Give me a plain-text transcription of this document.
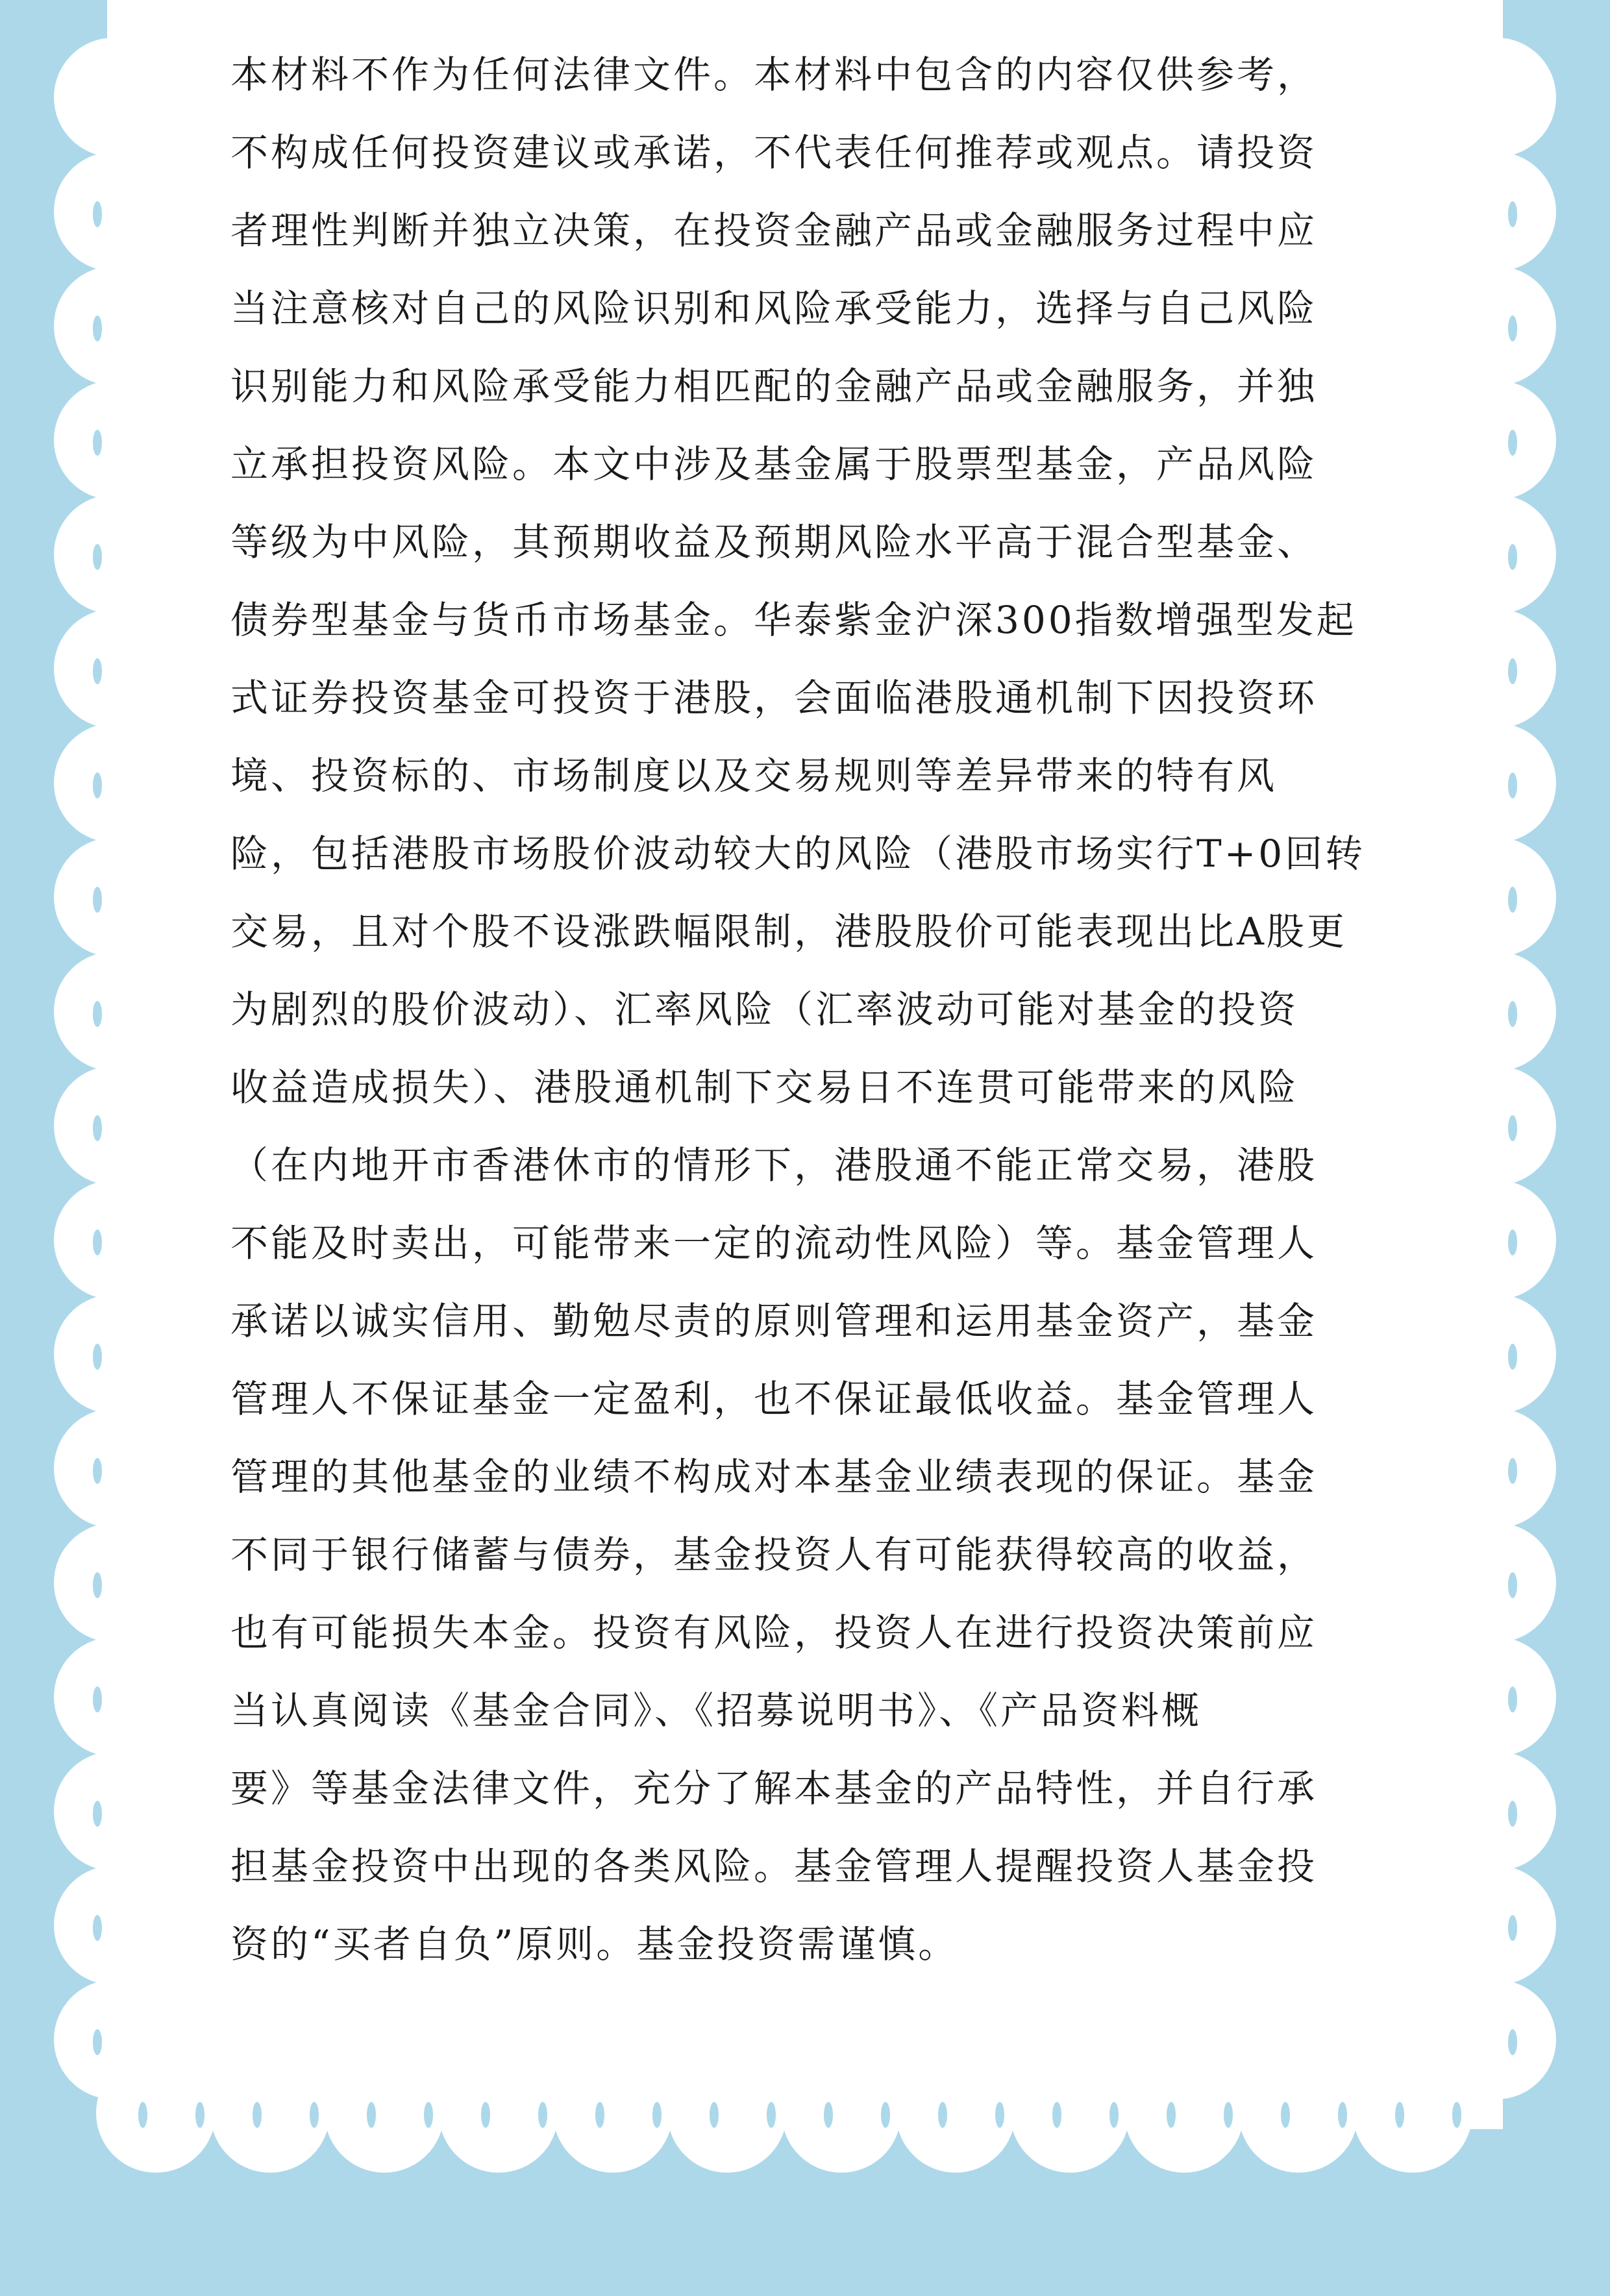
本材料不作为任何法律文件。本材料中包含的内容仅供参考，
不构成任何投资建议或承诺，不代表任何推荐或观点。请投资
者理性判断并独立决策，在投资金融产品或金融服务过程中应
当注意核对自己的风险识别和风险承受能力，选择与自己风险
识别能力和风险承受能力相匹配的金融产品或金融服务，并独
立承担投资风险。本文中涉及基金属于股票型基金，产品风险
等级为中风险，其预期收益及预期风险水平高于混合型基金、
债券型基金与货币市场基金。华泰紫金沪深300指数增强型发起
式证券投资基金可投资于港股，会面临港股通机制下因投资环
境、投资标的、市场制度以及交易规则等差异带来的特有风
险，包括港股市场股价波动较大的风险（港股市场实行T+0回转
交易，且对个股不设涨跌幅限制，港股股价可能表现出比A股更
为剧烈的股价波动）、汇率风险（汇率波动可能对基金的投资
收益造成损失）、港股通机制下交易日不连贯可能带来的风险
（在内地开市香港休市的情形下，港股通不能正常交易，港股
不能及时卖出，可能带来一定的流动性风险）等。基金管理人
承诺以诚实信用、勤勉尽责的原则管理和运用基金资产，基金
管理人不保证基金一定盈利，也不保证最低收益。基金管理人
管理的其他基金的业绩不构成对本基金业绩表现的保证。基金
不同于银行储蓄与债券，基金投资人有可能获得较高的收益，
也有可能损失本金。投资有风险，投资人在进行投资决策前应
当认真阅读《基金合同》、《招募说明书》、《产品资料概
要》等基金法律文件，充分了解本基金的产品特性，并自行承
担基金投资中出现的各类风险。基金管理人提醒投资人基金投
资的“买者自负”原则。基金投资需谨慎。
